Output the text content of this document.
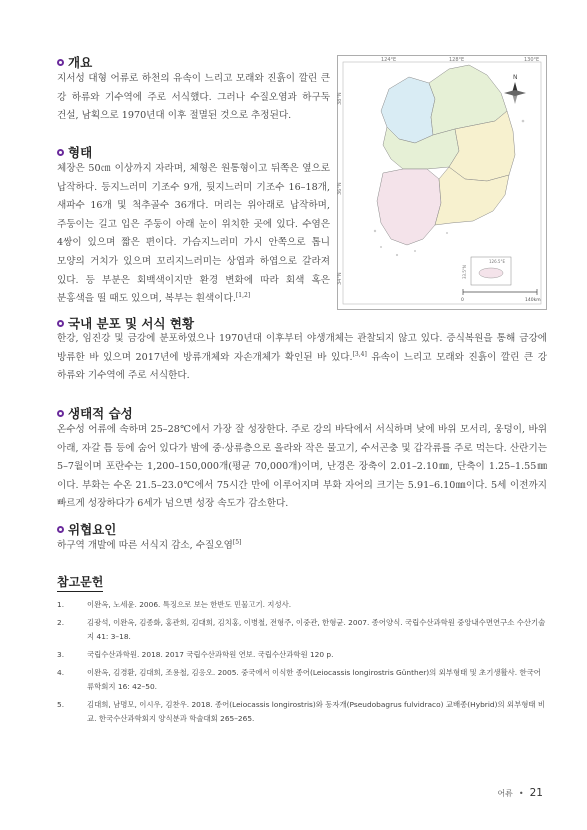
개요

지서성 대형 어류로 하천의 유속이 느리고 모래와 진흙이 깔린 큰 강 하류와 기수역에 주로 서식했다. 그러나 수질오염과 하구둑 건설, 남획으로 1970년대 이후 절멸된 것으로 추정된다.

형태

체장은 50㎝ 이상까지 자라며, 체형은 원통형이고 뒤쪽은 옆으로 납작하다. 등지느러미 기조수 9개, 뒷지느러미 기조수 16–18개, 새파수 16개 및 척추골수 36개다. 머리는 위아래로 납작하며, 주둥이는 길고 입은 주둥이 아래 눈이 위치한 곳에 있다. 수염은 4쌍이 있으며 짧은 편이다. 가슴지느러미 가시 안쪽으로 톱니 모양의 거치가 있으며 꼬리지느러미는 상엽과 하엽으로 갈라져 있다. 등 부분은 회백색이지만 환경 변화에 따라 회색 혹은 분홍색을 띨 때도 있으며, 복부는 흰색이다.[1,2]

124°E	128°E	130°E
38°N
36°N
34°N
N
126.5°E
33.5°N
0	140km
국내 분포 및 서식 현황

한강, 임진강 및 금강에 분포하였으나 1970년대 이후부터 야생개체는 관찰되지 않고 있다. 증식복원을 통해 금강에 방류한 바 있으며 2017년에 방류개체와 자손개체가 확인된 바 있다.[3,4] 유속이 느리고 모래와 진흙이 깔린 큰 강 하류와 기수역에 주로 서식한다.

생태적 습성

온수성 어류에 속하며 25–28℃에서 가장 잘 성장한다. 주로 강의 바닥에서 서식하며 낮에 바위 모서리, 웅덩이, 바위 아래, 자갈 틈 등에 숨어 있다가 밤에 중·상류층으로 올라와 작은 물고기, 수서곤충 및 갑각류를 주로 먹는다. 산란기는 5–7월이며 포란수는 1,200–150,000개(평균 70,000개)이며, 난경은 장축이 2.01–2.10㎜, 단축이 1.25–1.55㎜이다. 부화는 수온 21.5–23.0℃에서 75시간 만에 이루어지며 부화 자어의 크기는 5.91–6.10㎜이다. 5세 이전까지 빠르게 성장하다가 6세가 넘으면 성장 속도가 감소한다.

위협요인

하구역 개발에 따른 서식지 감소, 수질오염[5]

참고문헌
1.	이완옥, 노세윤. 2006. 특징으로 보는 한반도 민물고기. 지성사.
2.	김광석, 이완옥, 김종화, 홍관희, 김대희, 김치홍, 이병철, 전형주, 이중관, 한형균. 2007. 종어양식. 국립수산과학원 중앙내수면연구소 수산기술지 41: 3–18.
3.	국립수산과학원. 2018. 2017 국립수산과학원 연보. 국립수산과학원 120 p.
4.	이완옥, 김경환, 김대희, 조용철, 김응오. 2005. 중국에서 이식한 종어(Leiocassis longirostris Günther)의 외부형태 및 초기생활사. 한국어류학회지 16: 42–50.
5.	김대희, 남명모, 이시우, 김찬우. 2018. 종어(Leiocassis longirostris)와 동자개(Pseudobagrus fulvidraco) 교배종(Hybrid)의 외부형태 비교. 한국수산과학회지 양식분과 학술대회 265–265.
어류 • 21
